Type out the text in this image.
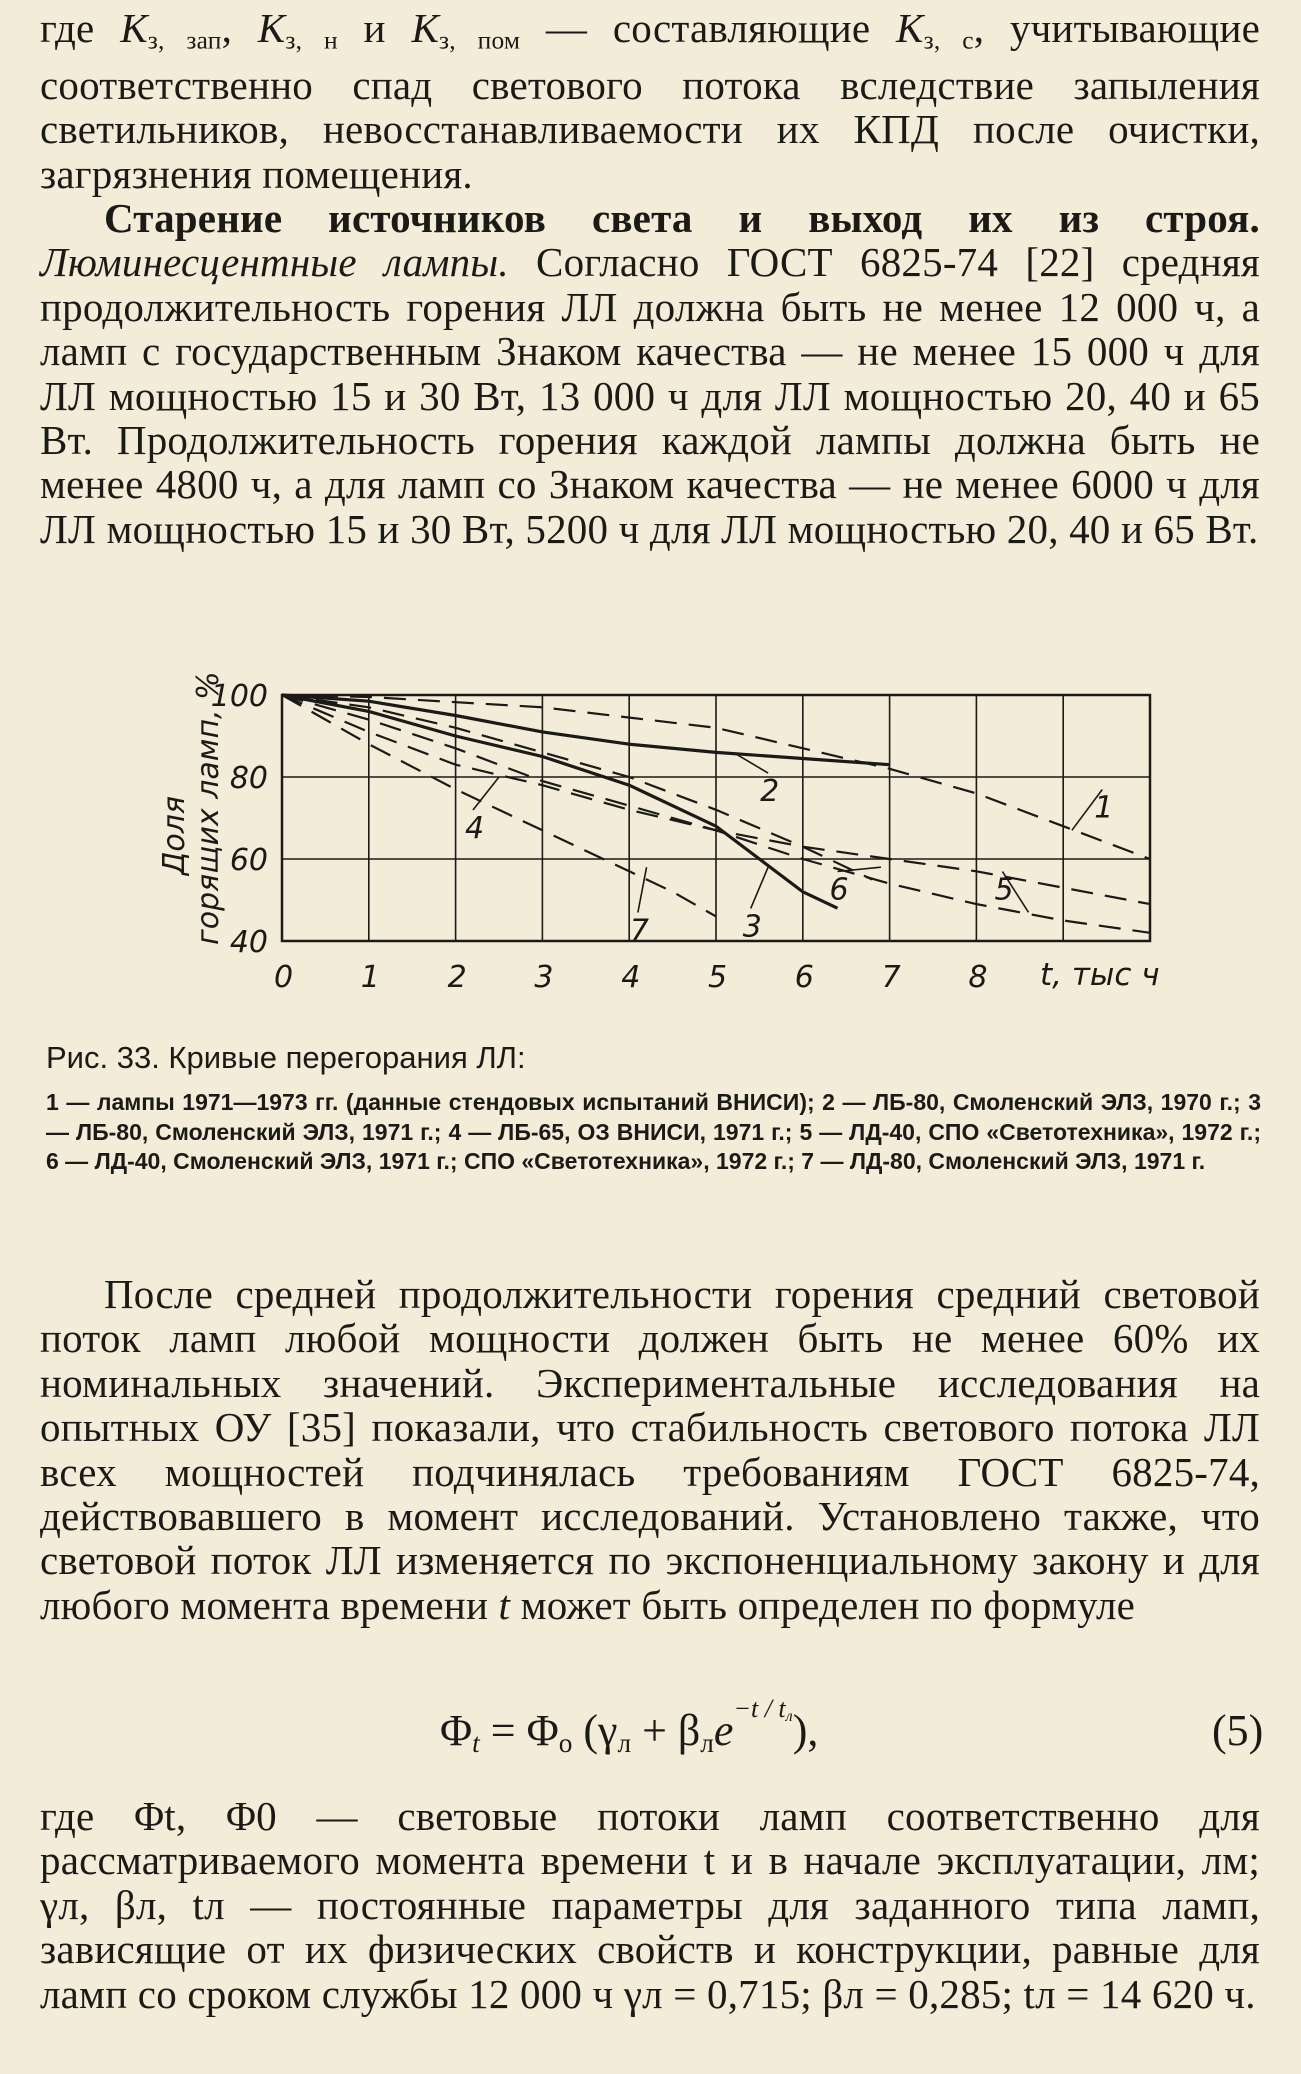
где $K_{з, зап}$, $K_{з, н}$ и $K_{з, пом}$ — составляющие $K_{з, с}$, учитывающие соответственно спад светового потока вследствие запыления светильников, невосстанавливаемости их КПД после очистки, загрязнения помещения.

Старение источников света и выход их из строя. Люминесцентные лампы. Согласно ГОСТ 6825-74 [22] средняя продолжительность горения ЛЛ должна быть не менее 12 000 ч, а ламп с государственным Знаком качества — не менее 15 000 ч для ЛЛ мощностью 15 и 30 Вт, 13 000 ч для ЛЛ мощностью 20, 40 и 65 Вт. Продолжительность горения каждой лампы должна быть не менее 4800 ч, а для ламп со Знаком качества — не менее 6000 ч для ЛЛ мощностью 15 и 30 Вт, 5200 ч для ЛЛ мощностью 20, 40 и 65 Вт.

40
60
80
100
0 1 2 3 4 5 6 7 8
1
2
3
4
5
6
7
Доля горящих ламп, %
t, тыс ч
Рис. 33. Кривые перегорания ЛЛ:
1 — лампы 1971—1973 гг. (данные стендовых испытаний ВНИСИ); 2 — ЛБ-80, Смоленский ЭЛЗ, 1970 г.; 3 — ЛБ-80, Смоленский ЭЛЗ, 1971 г.; 4 — ЛБ-65, ОЗ ВНИСИ, 1971 г.; 5 — ЛД-40, СПО «Светотехника», 1972 г.; 6 — ЛД-40, Смоленский ЭЛЗ, 1971 г.; СПО «Светотехника», 1972 г.; 7 — ЛД-80, Смоленский ЭЛЗ, 1971 г.

После средней продолжительности горения средний световой поток ламп любой мощности должен быть не менее 60% их номинальных значений. Экспериментальные исследования на опытных ОУ [35] показали, что стабильность светового потока ЛЛ всех мощностей подчинялась требованиям ГОСТ 6825-74, действовавшего в момент исследований. Установлено также, что световой поток ЛЛ изменяется по экспоненциальному закону и для любого момента времени t может быть определен по формуле

$\Phi_t = \Phi_о$ $(\gamma_л + \beta_лe^{-t / t_л})$,	(5)

где Φt, Φ0 — световые потоки ламп соответственно для рассматриваемого момента времени t и в начале эксплуатации, лм; γл, βл, tл — постоянные параметры для заданного типа ламп, зависящие от их физических свойств и конструкции, равные для ламп со сроком службы 12 000 ч γл = 0,715; βл = 0,285; tл = 14 620 ч.
